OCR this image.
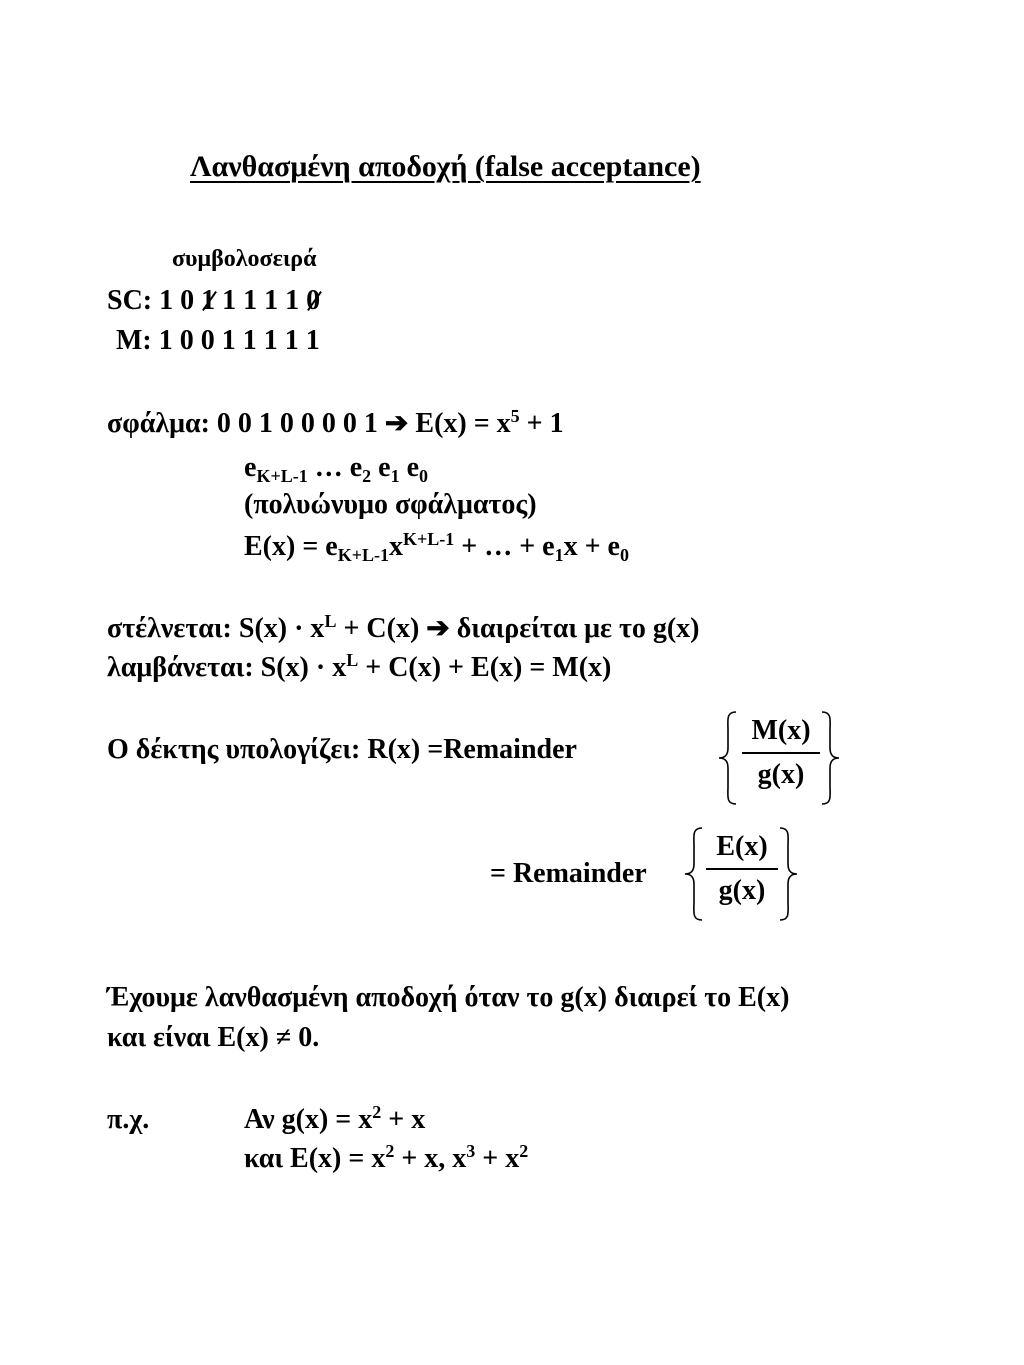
Λανθασμένη αποδοχή (false acceptance)
συμβολοσειρά
SC: 1 0 1 1 1 1 1 0
M: 1 0 0 1 1 1 1 1
σφάλμα: 0 0 1 0 0 0 0 1 ➔ $E(x) = x^5 + 1$
$e_{K+L-1}$ … $e_2$ $e_1$ $e_0$
(πολυώνυμο σφάλματος)
$E(x) = e_{K+L-1}x^{K+L-1}$ + … + $e_1x + e_0$
στέλνεται: $S(x) \cdot x^L + C(x)$ ➔ διαιρείται με το g(x)
λαμβάνεται: $S(x) \cdot x^L + C(x) + E(x) = M(x)$
Ο δέκτης υπολογίζει: R(x) =Remainder
M(x)
g(x)
= Remainder
E(x)
g(x)
Έχουμε λανθασμένη αποδοχή όταν το g(x) διαιρεί το E(x)
και είναι E(x) ≠ 0.
π.χ.	Αν $g(x) = x^2 + x$
και $E(x) = x^2 + x$, $x^3 + x^2$
